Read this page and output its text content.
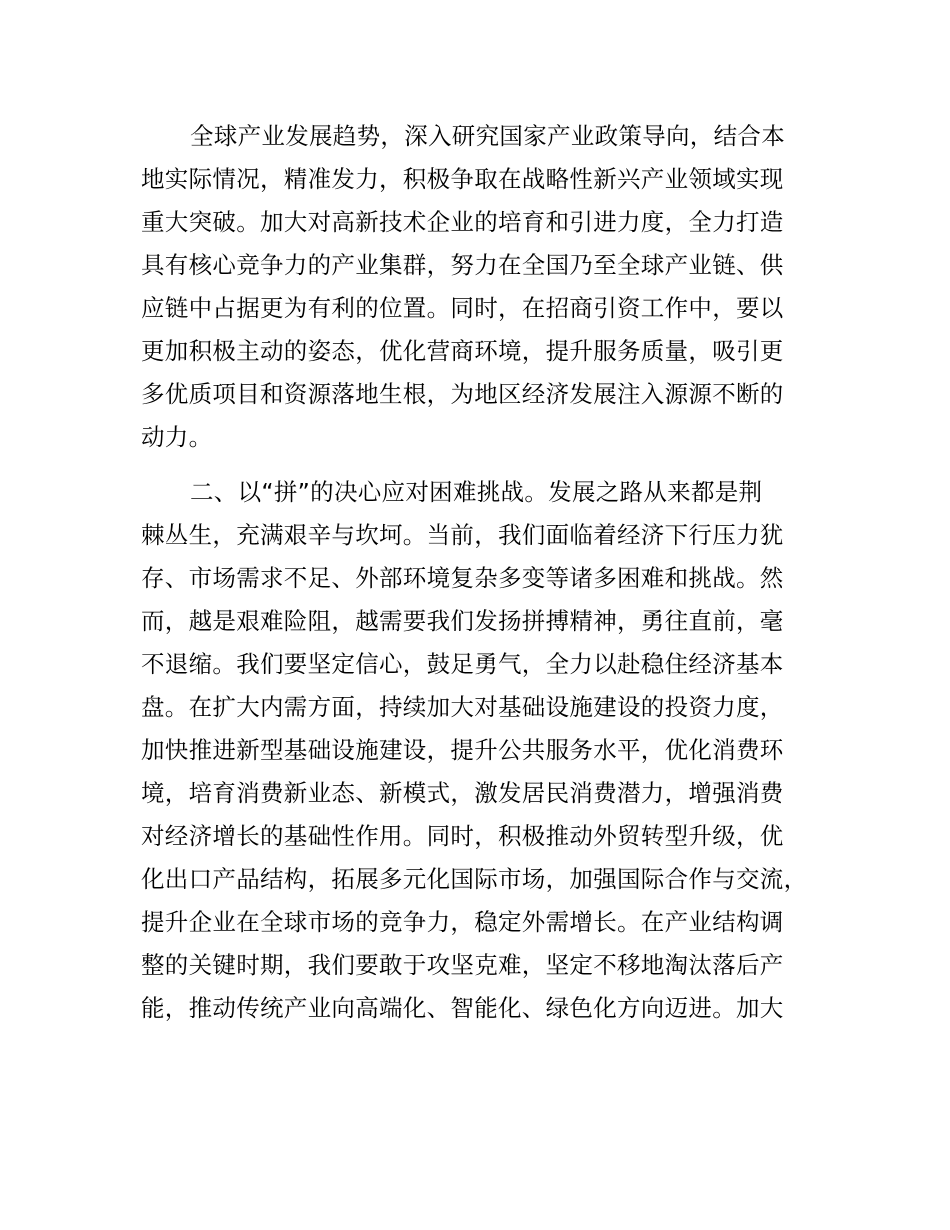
全球产业发展趋势，深入研究国家产业政策导向，结合本
地实际情况，精准发力，积极争取在战略性新兴产业领域实现
重大突破。加大对高新技术企业的培育和引进力度，全力打造
具有核心竞争力的产业集群，努力在全国乃至全球产业链、供
应链中占据更为有利的位置。同时，在招商引资工作中，要以
更加积极主动的姿态，优化营商环境，提升服务质量，吸引更
多优质项目和资源落地生根，为地区经济发展注入源源不断的
动力。
二、以“拼”的决心应对困难挑战。发展之路从来都是荆
棘丛生，充满艰辛与坎坷。当前，我们面临着经济下行压力犹
存、市场需求不足、外部环境复杂多变等诸多困难和挑战。然
而，越是艰难险阻，越需要我们发扬拼搏精神，勇往直前，毫
不退缩。我们要坚定信心，鼓足勇气，全力以赴稳住经济基本
盘。在扩大内需方面，持续加大对基础设施建设的投资力度，
加快推进新型基础设施建设，提升公共服务水平，优化消费环
境，培育消费新业态、新模式，激发居民消费潜力，增强消费
对经济增长的基础性作用。同时，积极推动外贸转型升级，优
化出口产品结构，拓展多元化国际市场，加强国际合作与交流，
提升企业在全球市场的竞争力，稳定外需增长。在产业结构调
整的关键时期，我们要敢于攻坚克难，坚定不移地淘汰落后产
能，推动传统产业向高端化、智能化、绿色化方向迈进。加大
